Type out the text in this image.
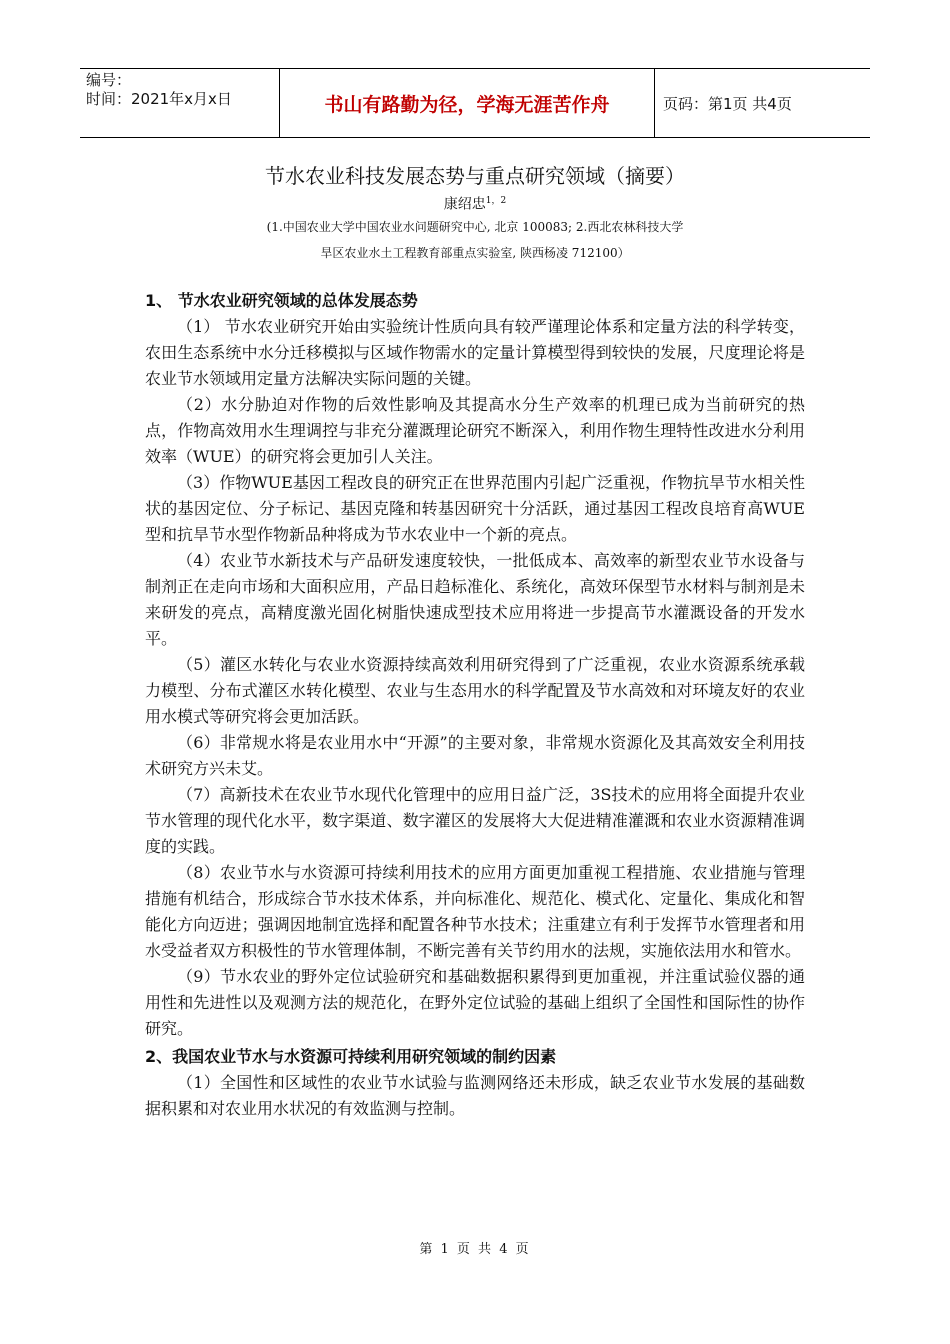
编号：
时间：2021年x月x日	书山有路勤为径，学海无涯苦作舟	页码：第1页 共4页
节水农业科技发展态势与重点研究领域（摘要）
康绍忠$^{1,2}$
(1.中国农业大学中国农业水问题研究中心, 北京 100083; 2.西北农林科技大学
旱区农业水土工程教育部重点实验室, 陕西杨凌 712100）
1、 节水农业研究领域的总体发展态势

（1） 节水农业研究开始由实验统计性质向具有较严谨理论体系和定量方法的科学转变，农田生态系统中水分迁移模拟与区域作物需水的定量计算模型得到较快的发展，尺度理论将是农业节水领域用定量方法解决实际问题的关键。

（2）水分胁迫对作物的后效性影响及其提高水分生产效率的机理已成为当前研究的热点，作物高效用水生理调控与非充分灌溉理论研究不断深入，利用作物生理特性改进水分利用效率（WUE）的研究将会更加引人关注。

（3）作物WUE基因工程改良的研究正在世界范围内引起广泛重视，作物抗旱节水相关性状的基因定位、分子标记、基因克隆和转基因研究十分活跃，通过基因工程改良培育高WUE型和抗旱节水型作物新品种将成为节水农业中一个新的亮点。

（4）农业节水新技术与产品研发速度较快，一批低成本、高效率的新型农业节水设备与制剂正在走向市场和大面积应用，产品日趋标准化、系统化，高效环保型节水材料与制剂是未来研发的亮点，高精度激光固化树脂快速成型技术应用将进一步提高节水灌溉设备的开发水平。

（5）灌区水转化与农业水资源持续高效利用研究得到了广泛重视，农业水资源系统承载力模型、分布式灌区水转化模型、农业与生态用水的科学配置及节水高效和对环境友好的农业用水模式等研究将会更加活跃。

（6）非常规水将是农业用水中“开源”的主要对象，非常规水资源化及其高效安全利用技术研究方兴未艾。

（7）高新技术在农业节水现代化管理中的应用日益广泛，3S技术的应用将全面提升农业节水管理的现代化水平，数字渠道、数字灌区的发展将大大促进精准灌溉和农业水资源精准调度的实践。

（8）农业节水与水资源可持续利用技术的应用方面更加重视工程措施、农业措施与管理措施有机结合，形成综合节水技术体系，并向标准化、规范化、模式化、定量化、集成化和智能化方向迈进；强调因地制宜选择和配置各种节水技术；注重建立有利于发挥节水管理者和用水受益者双方积极性的节水管理体制，不断完善有关节约用水的法规，实施依法用水和管水。

（9）节水农业的野外定位试验研究和基础数据积累得到更加重视，并注重试验仪器的通用性和先进性以及观测方法的规范化，在野外定位试验的基础上组织了全国性和国际性的协作研究。

2、我国农业节水与水资源可持续利用研究领域的制约因素

（1）全国性和区域性的农业节水试验与监测网络还未形成，缺乏农业节水发展的基础数据积累和对农业用水状况的有效监测与控制。

第 1 页 共 4 页
